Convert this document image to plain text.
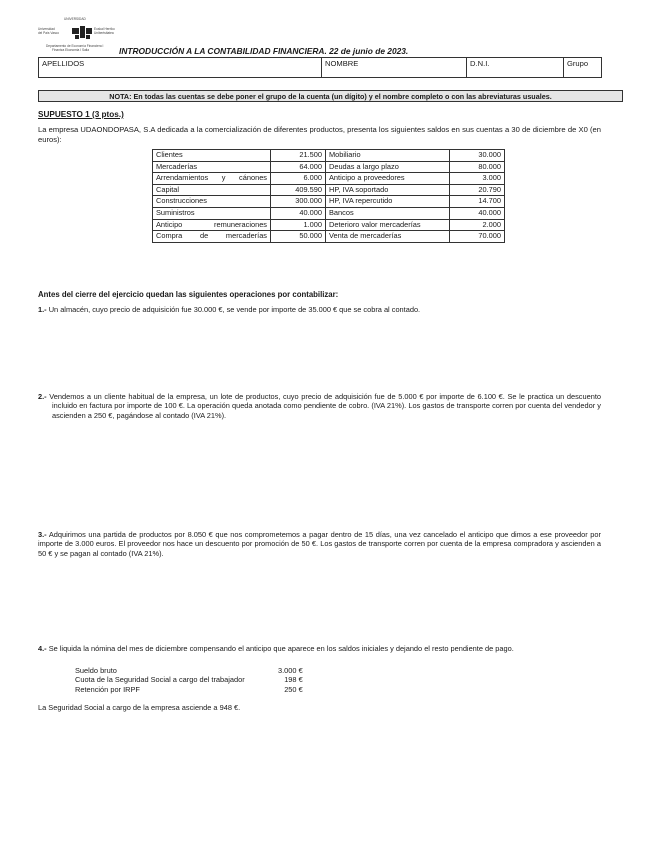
UNIVERSIDAD
Universidad
del País Vasco
Euskal Herriko
Unibertsitatea
Departamento de Economía Financiera I
Finantza Ekonomia I Saila	INTRODUCCIÓN A LA CONTABILIDAD FINANCIERA. 22 de junio de 2023.
APELLIDOS	NOMBRE	D.N.I.	Grupo
NOTA: En todas las cuentas se debe poner el grupo de la cuenta (un dígito) y el nombre completo o con las abreviaturas usuales.
SUPUESTO 1 (3 ptos.)
La empresa UDAONDOPASA, S.A dedicada a la comercialización de diferentes productos, presenta los siguientes saldos en sus cuentas a 30 de diciembre de X0 (en euros):
Clientes	21.500	Mobiliario	30.000
Mercaderías	64.000	Deudas a largo plazo	80.000
Arrendamientos y cánones	6.000	Anticipo a proveedores	3.000
Capital	409.590	HP, IVA soportado	20.790
Construcciones	300.000	HP, IVA repercutido	14.700
Suministros	40.000	Bancos	40.000
Anticipo remuneraciones	1.000	Deterioro valor mercaderías	2.000
Compra de mercaderías	50.000	Venta de mercaderías	70.000
Antes del cierre del ejercicio quedan las siguientes operaciones por contabilizar:
1.- Un almacén, cuyo precio de adquisición fue 30.000 €, se vende por importe de 35.000 € que se cobra al contado.
2.- Vendemos a un cliente habitual de la empresa, un lote de productos, cuyo precio de adquisición fue de 5.000 € por importe de 6.100 €. Se le practica un descuento incluido en factura por importe de 100 €. La operación queda anotada como pendiente de cobro. (IVA 21%). Los gastos de transporte corren por cuenta del vendedor y ascienden a 250 €, pagándose al contado (IVA 21%).
3.- Adquirimos una partida de productos por 8.050 € que nos comprometemos a pagar dentro de 15 días, una vez cancelado el anticipo que dimos a ese proveedor por importe de 3.000 euros. El proveedor nos hace un descuento por promoción de 50 €. Los gastos de transporte corren por cuenta de la empresa compradora y ascienden a 50 € y se pagan al contado (IVA 21%).
4.- Se liquida la nómina del mes de diciembre compensando el anticipo que aparece en los saldos iniciales y dejando el resto pendiente de pago.
Sueldo bruto	3.000 €
Cuota de la Seguridad Social a cargo del trabajador	198 €
Retención por IRPF	250 €
La Seguridad Social a cargo de la empresa asciende a 948 €.
